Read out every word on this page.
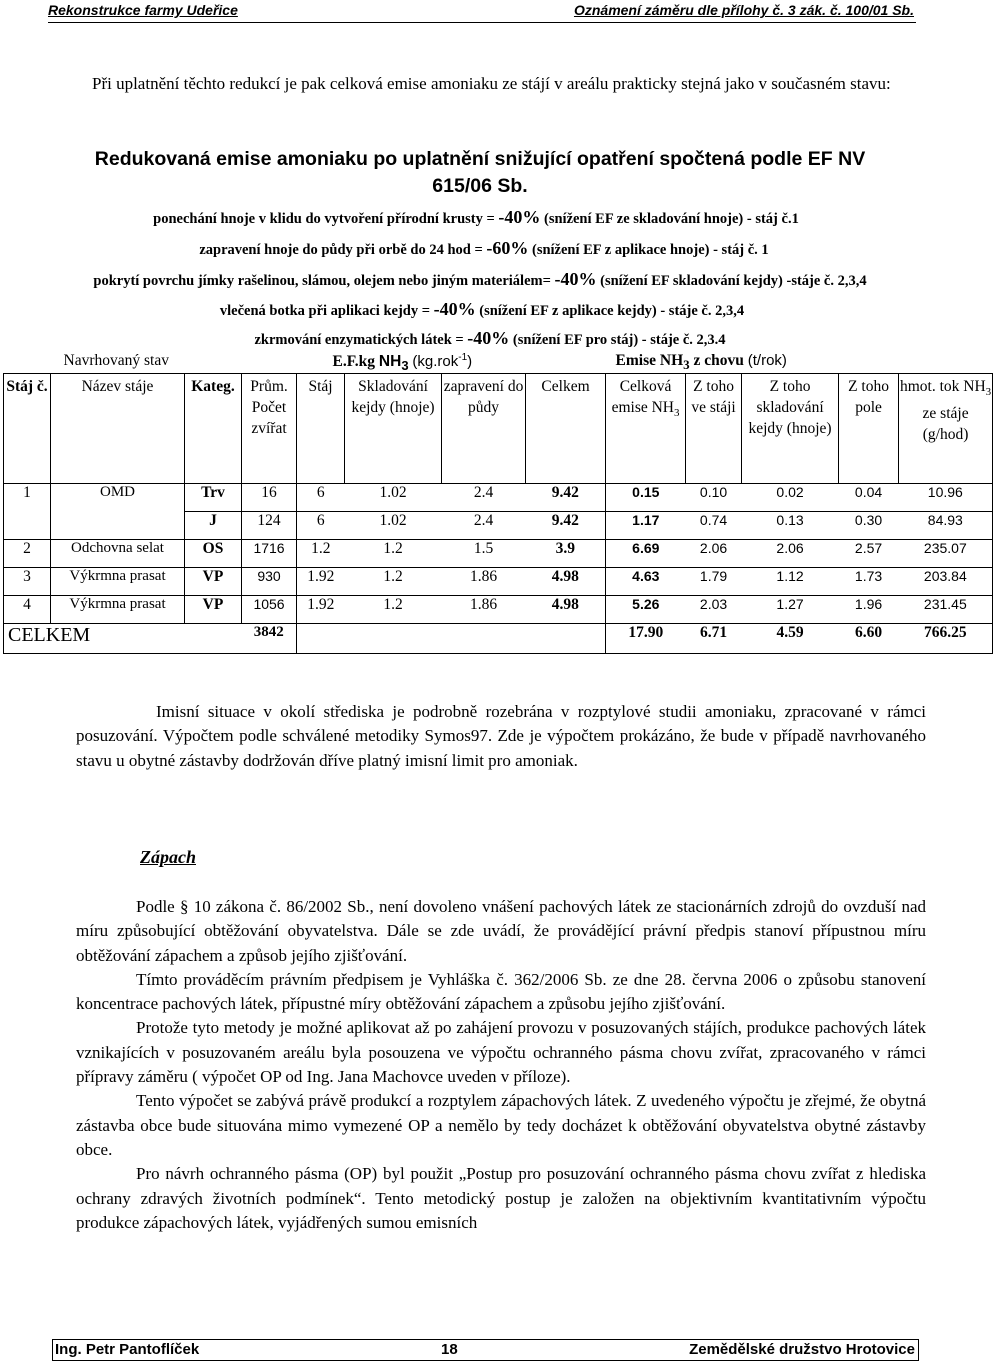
Rekonstrukce farmy Udeřice	Oznámení záměru dle přílohy č. 3 zák. č. 100/01 Sb.
Při uplatnění těchto redukcí je pak celková emise amoniaku ze stájí v areálu prakticky stejná jako v současném stavu:
Redukovaná emise amoniaku po uplatnění snižující opatření spočtená podle EF NV
615/06 Sb.
ponechání hnoje v klidu do vytvoření přírodní krusty = -40% (snížení EF ze skladování hnoje) - stáj č.1
zapravení hnoje do půdy při orbě do 24 hod = -60% (snížení EF z aplikace hnoje) - stáj č. 1
pokrytí povrchu jímky rašelinou, slámou, olejem nebo jiným materiálem= -40% (snížení EF skladování kejdy) -stáje č. 2,3,4
vlečená botka při aplikaci kejdy = -40% (snížení EF z aplikace kejdy) - stáje č. 2,3,4
zkrmování enzymatických látek = -40% (snížení EF pro stáj) - stáje č. 2,3.4
Navrhovaný stav				E.F.kg $NH_3$ (kg.rok$^{-1}$)				Emise $NH_3$ z chovu (t/rok)				
Stáj č.	Název stáje	Kateg.	Prům. Počet zvířat	Stáj	Skladování kejdy (hnoje)	zapravení do půdy	Celkem	Celková emise $NH_3$	Z toho ve stáji	Z toho skladování kejdy (hnoje)	Z toho pole	hmot. tok $NH_3$ ze stáje (g/hod)
1	OMD	Trv	16	6	1.02	2.4	9.42	0.15	0.10	0.02	0.04	10.96
		J	124	6	1.02	2.4	9.42	1.17	0.74	0.13	0.30	84.93
2	Odchovna selat	OS	1716	1.2	1.2	1.5	3.9	6.69	2.06	2.06	2.57	235.07
3	Výkrmna prasat	VP	930	1.92	1.2	1.86	4.98	4.63	1.79	1.12	1.73	203.84
4	Výkrmna prasat	VP	1056	1.92	1.2	1.86	4.98	5.26	2.03	1.27	1.96	231.45
CELKEM			3842					17.90	6.71	4.59	6.60	766.25

Imisní situace v okolí střediska je podrobně rozebrána v rozptylové studii amoniaku, zpracované v rámci posuzování. Výpočtem podle schválené metodiky Symos97. Zde je výpočtem prokázáno, že bude v případě navrhovaného stavu u obytné zástavby dodržován dříve platný imisní limit pro amoniak.

Zápach

Podle § 10 zákona č. 86/2002 Sb., není dovoleno vnášení pachových látek ze stacionárních zdrojů do ovzduší nad míru způsobující obtěžování obyvatelstva. Dále se zde uvádí, že provádějící právní předpis stanoví přípustnou míru obtěžování zápachem a způsob jejího zjišťování.

Tímto prováděcím právním předpisem je Vyhláška č. 362/2006 Sb. ze dne 28. června 2006 o způsobu stanovení koncentrace pachových látek, přípustné míry obtěžování zápachem a způsobu jejího zjišťování.

Protože tyto metody je možné aplikovat až po zahájení provozu v posuzovaných stájích, produkce pachových látek vznikajících v posuzovaném areálu byla posouzena ve výpočtu ochranného pásma chovu zvířat, zpracovaného v rámci přípravy záměru ( výpočet OP od Ing. Jana Machovce uveden v příloze).

Tento výpočet se zabývá právě produkcí a rozptylem zápachových látek. Z uvedeného výpočtu je zřejmé, že obytná zástavba obce bude situována mimo vymezené OP a nemělo by tedy docházet k obtěžování obyvatelstva obytné zástavby obce.

Pro návrh ochranného pásma (OP) byl použit „Postup pro posuzování ochranného pásma chovu zvířat z hlediska ochrany zdravých životních podmínek“. Tento metodický postup je založen na objektivním kvantitativním výpočtu produkce zápachových látek, vyjádřených sumou emisních

Ing. Petr Pantoflíček	18	Zemědělské družstvo Hrotovice
